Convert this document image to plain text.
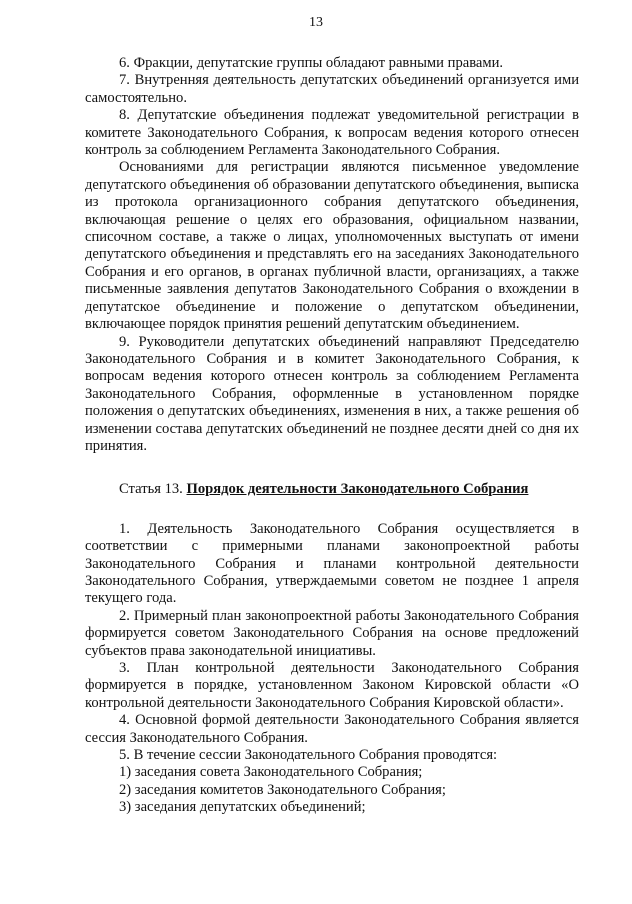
13

6. Фракции, депутатские группы обладают равными правами.

7. Внутренняя деятельность депутатских объединений организуется ими самостоятельно.

8. Депутатские объединения подлежат уведомительной регистрации в комитете Законодательного Собрания, к вопросам ведения которого отнесен контроль за соблюдением Регламента Законодательного Собрания.

Основаниями для регистрации являются письменное уведомление депутатского объединения об образовании депутатского объединения, выписка из протокола организационного собрания депутатского объединения, включающая решение о целях его образования, официальном названии, списочном составе, а также о лицах, уполномоченных выступать от имени депутатского объединения и представлять его на заседаниях Законодательного Собрания и его органов, в органах публичной власти, организациях, а также письменные заявления депутатов Законодательного Собрания о вхождении в депутатское объединение и положение о депутатском объединении, включающее порядок принятия решений депутатским объединением.

9. Руководители депутатских объединений направляют Председателю Законодательного Собрания и в комитет Законодательного Собрания, к вопросам ведения которого отнесен контроль за соблюдением Регламента Законодательного Собрания, оформленные в установленном порядке положения о депутатских объединениях, изменения в них, а также решения об изменении состава депутатских объединений не позднее десяти дней со дня их принятия.

Статья 13. Порядок деятельности Законодательного Собрания

1. Деятельность Законодательного Собрания осуществляется в соответствии с примерными планами законопроектной работы Законодательного Собрания и планами контрольной деятельности Законодательного Собрания, утверждаемыми советом не позднее 1 апреля текущего года.

2. Примерный план законопроектной работы Законодательного Собрания формируется советом Законодательного Собрания на основе предложений субъектов права законодательной инициативы.

3. План контрольной деятельности Законодательного Собрания формируется в порядке, установленном Законом Кировской области «О контрольной деятельности Законодательного Собрания Кировской области».

4. Основной формой деятельности Законодательного Собрания является сессия Законодательного Собрания.

5. В течение сессии Законодательного Собрания проводятся:

1) заседания совета Законодательного Собрания;

2) заседания комитетов Законодательного Собрания;

3) заседания депутатских объединений;
